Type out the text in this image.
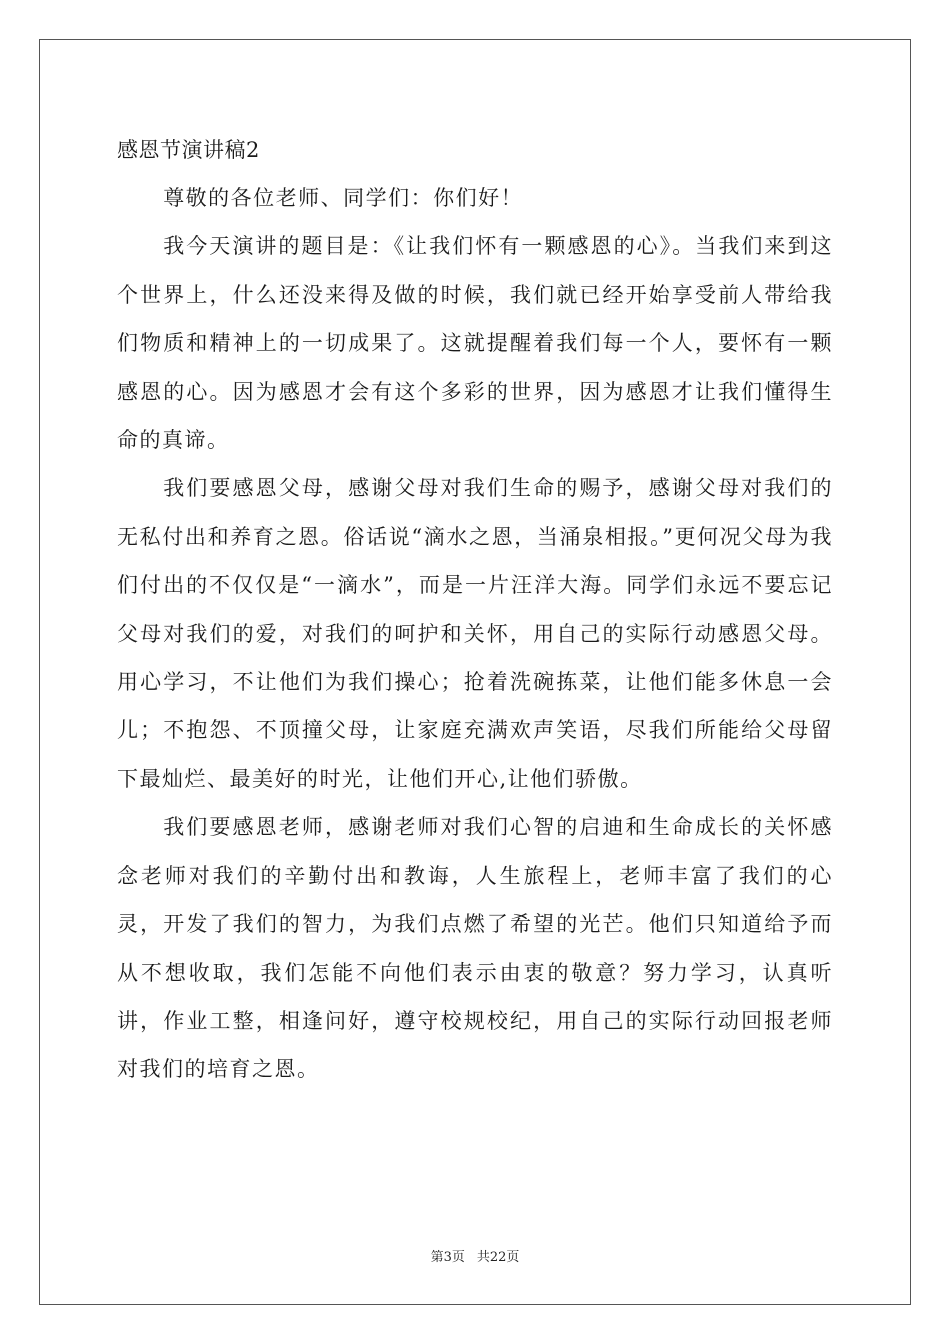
感恩节演讲稿2

尊敬的各位老师、同学们：你们好！

我今天演讲的题目是：《让我们怀有一颗感恩的心》。当我们来到这个世界上，什么还没来得及做的时候，我们就已经开始享受前人带给我们物质和精神上的一切成果了。这就提醒着我们每一个人，要怀有一颗感恩的心。因为感恩才会有这个多彩的世界，因为感恩才让我们懂得生命的真谛。

我们要感恩父母，感谢父母对我们生命的赐予，感谢父母对我们的无私付出和养育之恩。俗话说“滴水之恩，当涌泉相报。”更何况父母为我们付出的不仅仅是“一滴水”，而是一片汪洋大海。同学们永远不要忘记父母对我们的爱，对我们的呵护和关怀，用自己的实际行动感恩父母。用心学习，不让他们为我们操心；抢着洗碗拣菜，让他们能多休息一会儿；不抱怨、不顶撞父母，让家庭充满欢声笑语，尽我们所能给父母留下最灿烂、最美好的时光，让他们开心,让他们骄傲。

我们要感恩老师，感谢老师对我们心智的启迪和生命成长的关怀感念老师对我们的辛勤付出和教诲，人生旅程上，老师丰富了我们的心灵，开发了我们的智力，为我们点燃了希望的光芒。他们只知道给予而从不想收取，我们怎能不向他们表示由衷的敬意？努力学习，认真听讲，作业工整，相逢问好，遵守校规校纪，用自己的实际行动回报老师对我们的培育之恩。

第3页 共22页
